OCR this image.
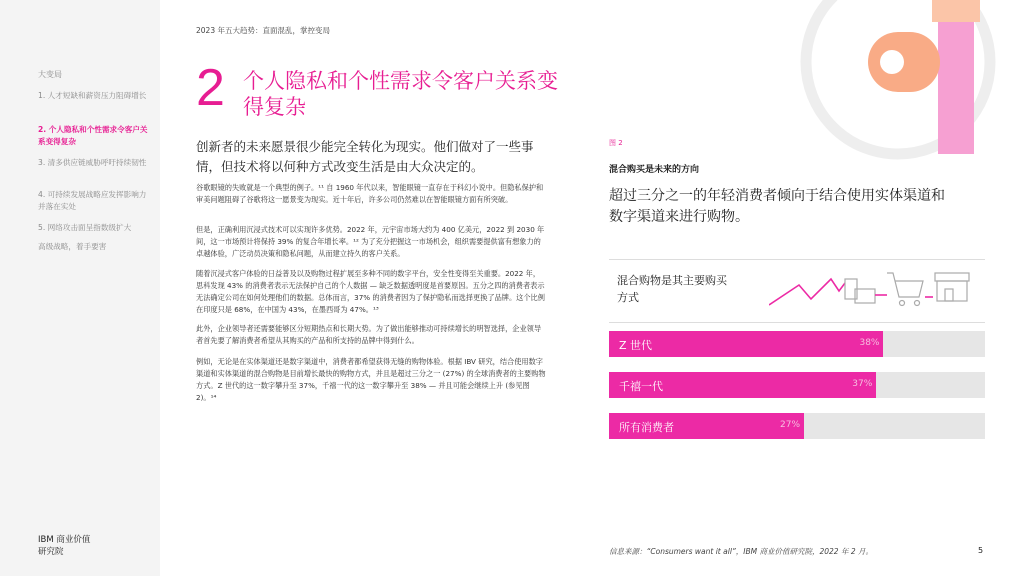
大变局
1. 人才短缺和薪资压力阻碍增长
2. 个人隐私和个性需求令客户关系变得复杂
3. 清多供应链威胁呼吁持续韧性
4. 可持续发展战略应发挥影响力并落在实处
5. 网络攻击面呈指数级扩大
高级战略，着手要害
IBM 商业价值
研究院
2023 年五大趋势：直面混乱，掌控变局
2 个人隐私和个性需求令客户关系变得复杂
创新者的未来愿景很少能完全转化为现实。他们做对了一些事情，但技术将以何种方式改变生活是由大众决定的。
谷歌眼镜的失败就是一个典型的例子。¹¹ 自 1960 年代以来，智能眼镜一直存在于科幻小说中。但隐私保护和审美问题阻碍了谷歌将这一愿景变为现实。近十年后，许多公司仍然难以在智能眼镜方面有所突破。
但是，正确利用沉浸式技术可以实现许多优势。2022 年，元宇宙市场大约为 400 亿美元，2022 到 2030 年间，这一市场预计将保持 39% 的复合年增长率。¹² 为了充分把握这一市场机会，组织需要提供富有想象力的卓越体验，广泛动员决策和隐私问题，从而建立持久的客户关系。
随着沉浸式客户体验的日益普及以及购物过程扩展至多种不同的数字平台，安全性变得至关重要。2022 年，思科发现 43% 的消费者表示无法保护自己的个人数据 — 缺乏数据透明度是首要原因。五分之四的消费者表示无法确定公司在如何处理他们的数据。总体而言，37% 的消费者因为了保护隐私而选择更换了品牌。这个比例在印度只是 68%，在中国为 43%，在墨西哥为 47%。¹³
此外，企业领导者还需要能够区分短期热点和长期大势。为了做出能够推动可持续增长的明智选择，企业领导者首先要了解消费者希望从其购买的产品和所支持的品牌中得到什么。
例如，无论是在实体渠道还是数字渠道中，消费者都希望获得无缝的购物体验。根据 IBV 研究，结合使用数字渠道和实体渠道的混合购物是目前增长最快的购物方式，并且是超过三分之一 (27%) 的全球消费者的主要购物方式。Z 世代的这一数字攀升至 37%，千禧一代的这一数字攀升至 38% — 并且可能会继续上升 (参见图 2)。¹⁴
图 2
混合购买是未来的方向
超过三分之一的年轻消费者倾向于结合使用实体渠道和数字渠道来进行购物。
混合购物是其主要购买方式
Z 世代	38%
千禧一代	37%
所有消费者	27%
信息来源：“Consumers want it all”，IBM 商业价值研究院，2022 年 2 月。	5
